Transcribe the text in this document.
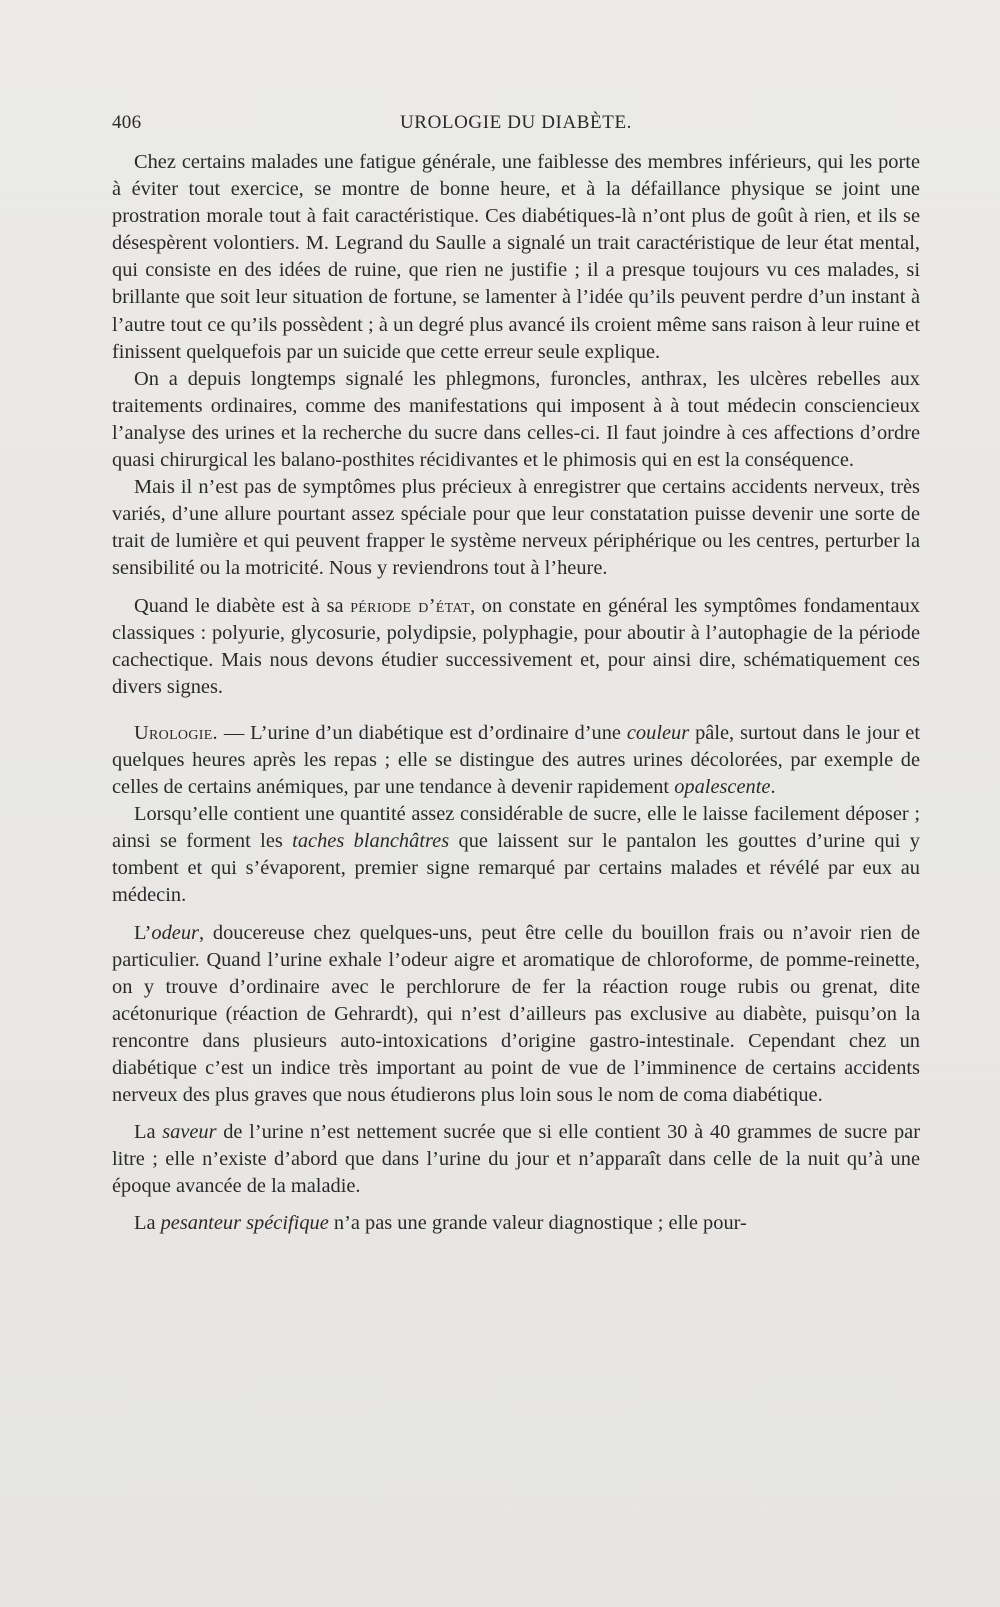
406	UROLOGIE DU DIABÈTE.

Chez certains malades une fatigue générale, une faiblesse des membres inférieurs, qui les porte à éviter tout exercice, se montre de bonne heure, et à la défaillance physique se joint une prostration morale tout à fait caractéristique. Ces diabétiques-là n’ont plus de goût à rien, et ils se désespèrent volontiers. M. Legrand du Saulle a signalé un trait caractéristique de leur état mental, qui consiste en des idées de ruine, que rien ne justifie ; il a presque toujours vu ces malades, si brillante que soit leur situation de fortune, se lamenter à l’idée qu’ils peuvent perdre d’un instant à l’autre tout ce qu’ils possèdent ; à un degré plus avancé ils croient même sans raison à leur ruine et finissent quelquefois par un suicide que cette erreur seule explique.

On a depuis longtemps signalé les phlegmons, furoncles, anthrax, les ulcères rebelles aux traitements ordinaires, comme des manifestations qui imposent à à tout médecin consciencieux l’analyse des urines et la recherche du sucre dans celles-ci. Il faut joindre à ces affections d’ordre quasi chirurgical les balano-posthites récidivantes et le phimosis qui en est la conséquence.

Mais il n’est pas de symptômes plus précieux à enregistrer que certains accidents nerveux, très variés, d’une allure pourtant assez spéciale pour que leur constatation puisse devenir une sorte de trait de lumière et qui peuvent frapper le système nerveux périphérique ou les centres, perturber la sensibilité ou la motricité. Nous y reviendrons tout à l’heure.

Quand le diabète est à sa période d’état, on constate en général les symptômes fondamentaux classiques : polyurie, glycosurie, polydipsie, polyphagie, pour aboutir à l’autophagie de la période cachectique. Mais nous devons étudier successivement et, pour ainsi dire, schématiquement ces divers signes.

Urologie. — L’urine d’un diabétique est d’ordinaire d’une couleur pâle, surtout dans le jour et quelques heures après les repas ; elle se distingue des autres urines décolorées, par exemple de celles de certains anémiques, par une tendance à devenir rapidement opalescente.

Lorsqu’elle contient une quantité assez considérable de sucre, elle le laisse facilement déposer ; ainsi se forment les taches blanchâtres que laissent sur le pantalon les gouttes d’urine qui y tombent et qui s’évaporent, premier signe remarqué par certains malades et révélé par eux au médecin.

L’odeur, doucereuse chez quelques-uns, peut être celle du bouillon frais ou n’avoir rien de particulier. Quand l’urine exhale l’odeur aigre et aromatique de chloroforme, de pomme-reinette, on y trouve d’ordinaire avec le perchlorure de fer la réaction rouge rubis ou grenat, dite acétonurique (réaction de Gehrardt), qui n’est d’ailleurs pas exclusive au diabète, puisqu’on la rencontre dans plusieurs auto-intoxications d’origine gastro-intestinale. Cependant chez un diabétique c’est un indice très important au point de vue de l’imminence de certains accidents nerveux des plus graves que nous étudierons plus loin sous le nom de coma diabétique.

La saveur de l’urine n’est nettement sucrée que si elle contient 30 à 40 grammes de sucre par litre ; elle n’existe d’abord que dans l’urine du jour et n’apparaît dans celle de la nuit qu’à une époque avancée de la maladie.

La pesanteur spécifique n’a pas une grande valeur diagnostique ; elle pour-
